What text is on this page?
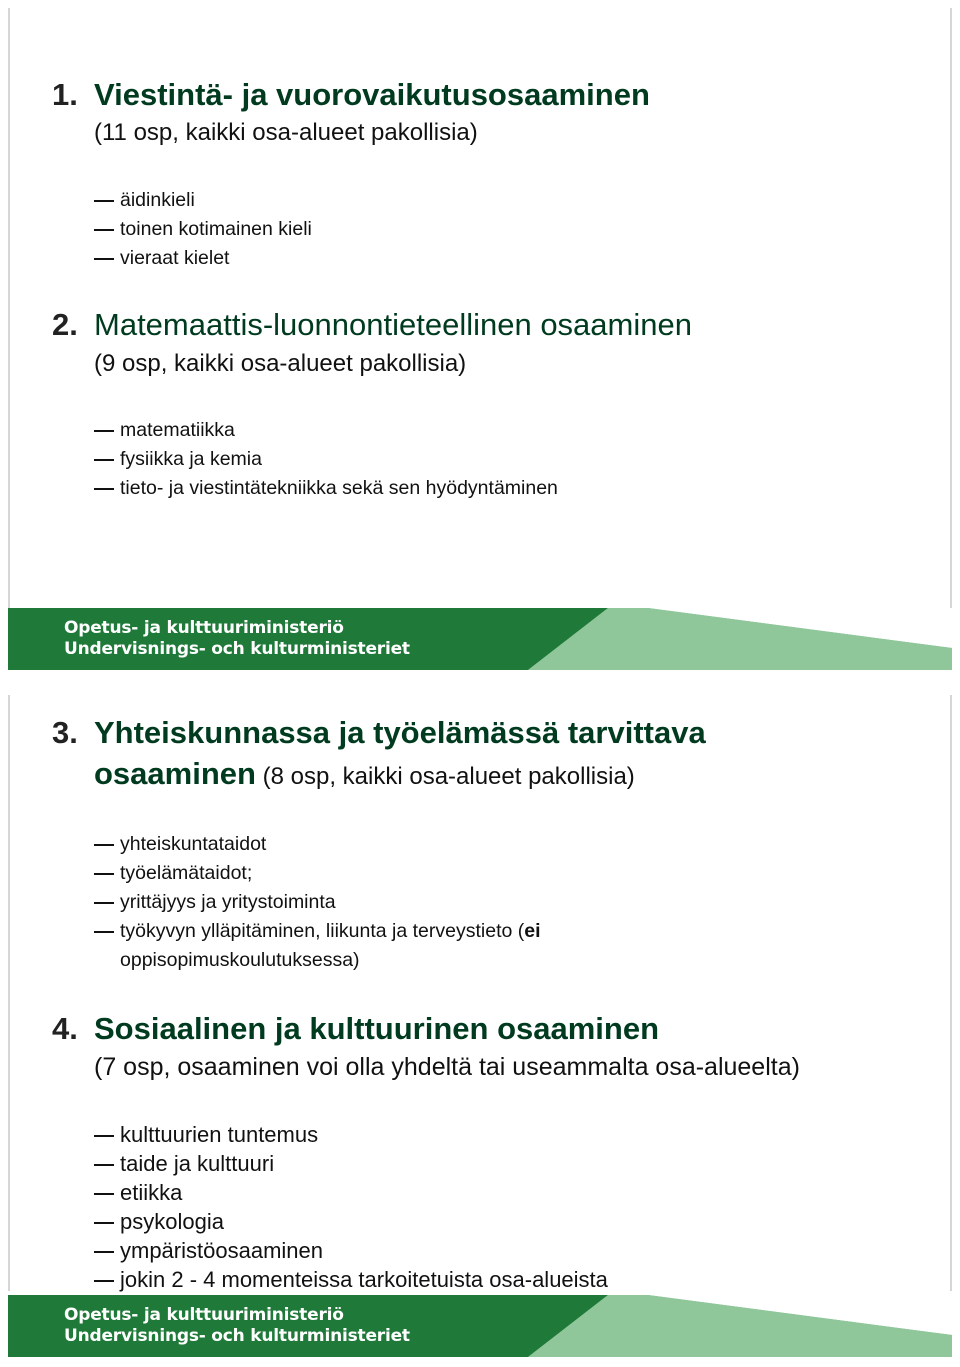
1. Viestintä- ja vuorovaikutusosaaminen
(11 osp, kaikki osa-alueet pakollisia)
äidinkieli
toinen kotimainen kieli
vieraat kielet
2. Matemaattis-luonnontieteellinen osaaminen
(9 osp, kaikki osa-alueet pakollisia)
matematiikka
fysiikka ja kemia
tieto- ja viestintätekniikka sekä sen hyödyntäminen
Opetus- ja kulttuuriministeriö
Undervisnings- och kulturministeriet
3. Yhteiskunnassa ja työelämässä tarvittava
osaaminen (8 osp, kaikki osa-alueet pakollisia)
yhteiskuntataidot
työelämätaidot;
yrittäjyys ja yritystoiminta
työkyvyn ylläpitäminen, liikunta ja terveystieto (ei
oppisopimuskoulutuksessa)
4. Sosiaalinen ja kulttuurinen osaaminen
(7 osp, osaaminen voi olla yhdeltä tai useammalta osa-alueelta)
kulttuurien tuntemus
taide ja kulttuuri
etiikka
psykologia
ympäristöosaaminen
jokin 2 - 4 momenteissa tarkoitetuista osa-alueista
Opetus- ja kulttuuriministeriö
Undervisnings- och kulturministeriet
